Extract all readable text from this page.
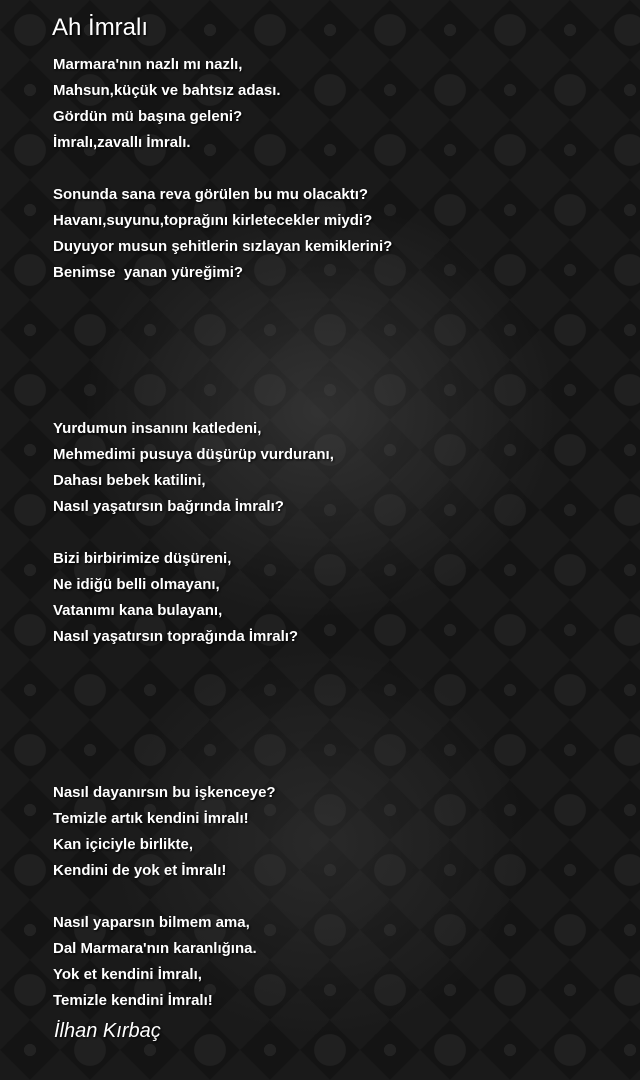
Ah İmralı
Marmara'nın nazlı mı nazlı,
Mahsun,küçük ve bahtsız adası.
Gördün mü başına geleni?
İmralı,zavallı İmralı.
Sonunda sana reva görülen bu mu olacaktı?
Havanı,suyunu,toprağını kirletecekler miydi?
Duyuyor musun şehitlerin sızlayan kemiklerini?
Benimse  yanan yüreğimi?
Yurdumun insanını katledeni,
Mehmedimi pusuya düşürüp vurduranı,
Dahası bebek katilini,
Nasıl yaşatırsın bağrında İmralı?
Bizi birbirimize düşüreni,
Ne idiğü belli olmayanı,
Vatanımı kana bulayanı,
Nasıl yaşatırsın toprağında İmralı?
Nasıl dayanırsın bu işkenceye?
Temizle artık kendini İmralı!
Kan içiciyle birlikte,
Kendini de yok et İmralı!
Nasıl yaparsın bilmem ama,
Dal Marmara'nın karanlığına.
Yok et kendini İmralı,
Temizle kendini İmralı!

İlhan Kırbaç
